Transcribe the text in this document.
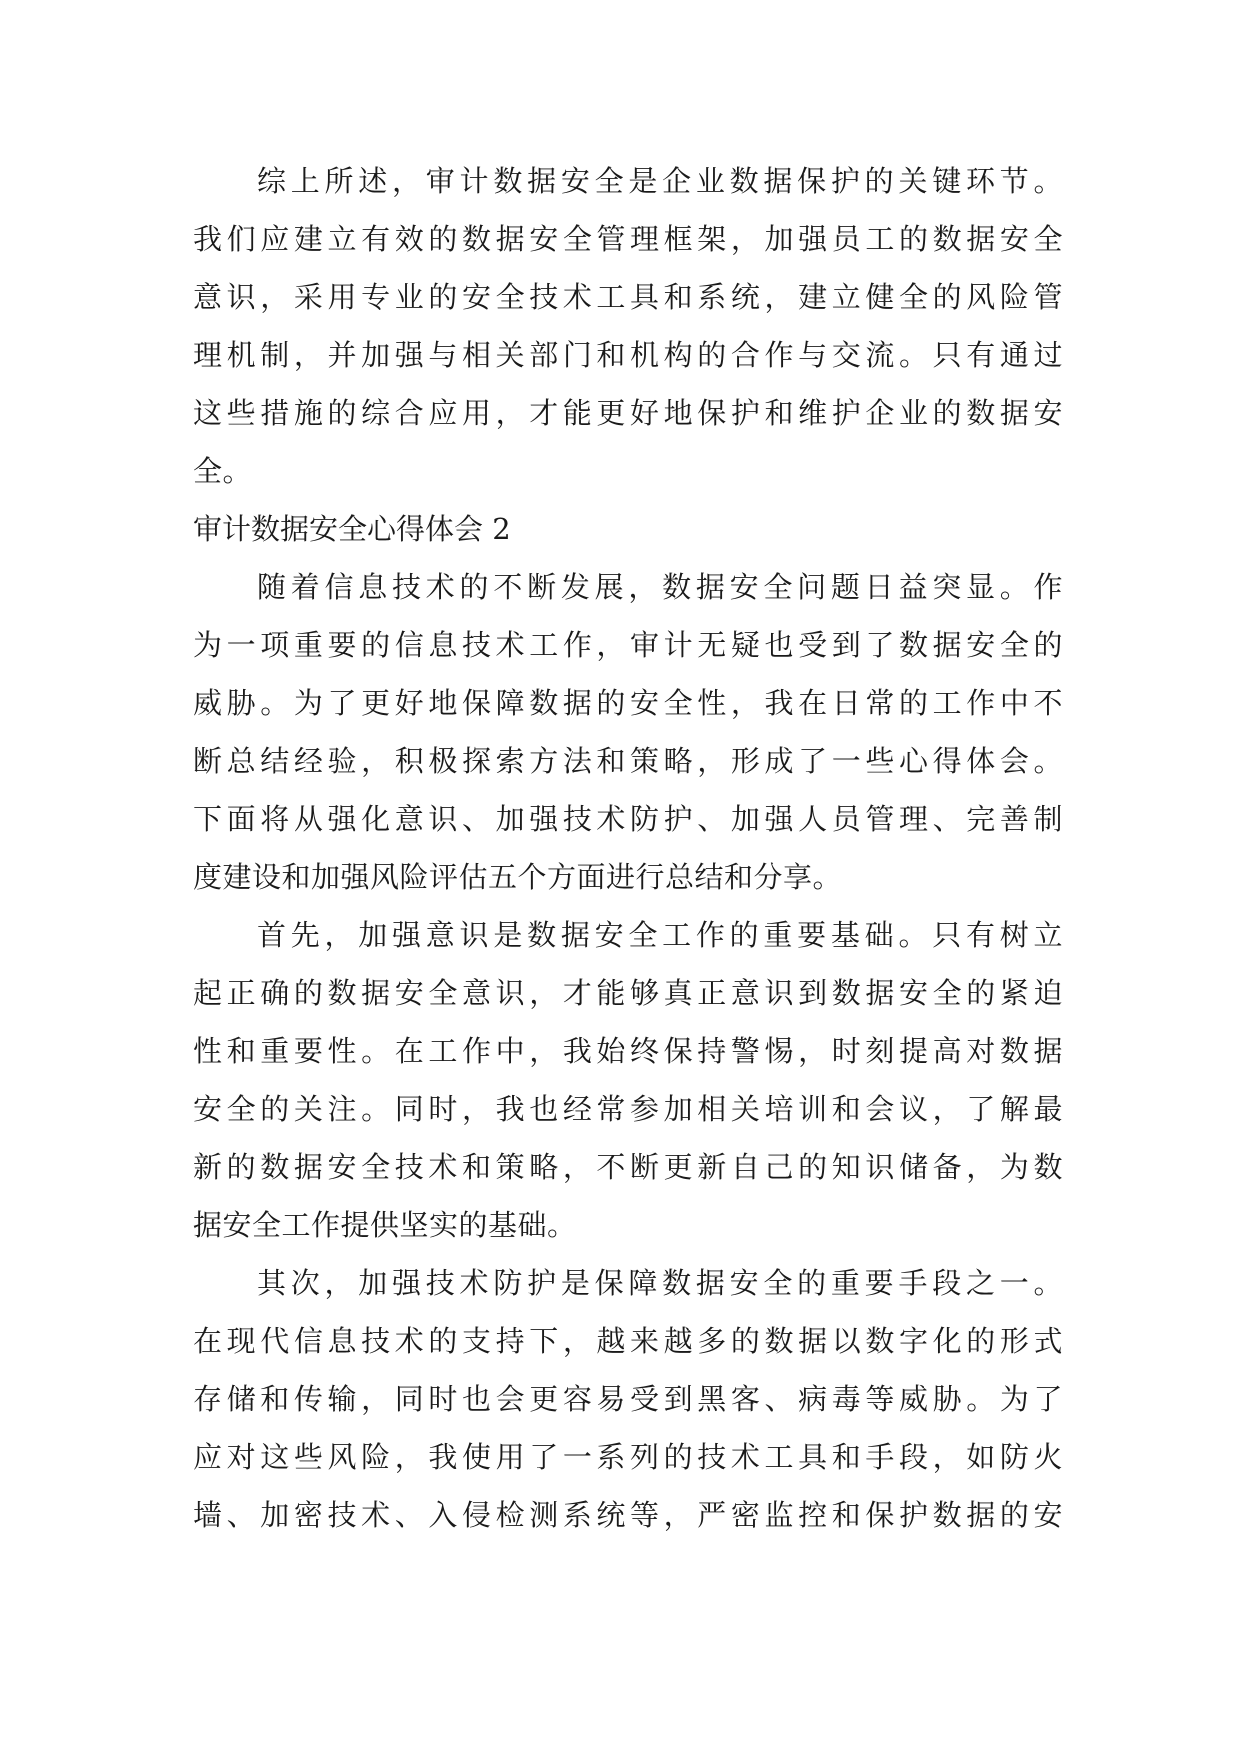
综上所述，审计数据安全是企业数据保护的关键环节。
我们应建立有效的数据安全管理框架，加强员工的数据安全
意识，采用专业的安全技术工具和系统，建立健全的风险管
理机制，并加强与相关部门和机构的合作与交流。只有通过
这些措施的综合应用，才能更好地保护和维护企业的数据安
全。
审计数据安全心得体会 2
随着信息技术的不断发展，数据安全问题日益突显。作
为一项重要的信息技术工作，审计无疑也受到了数据安全的
威胁。为了更好地保障数据的安全性，我在日常的工作中不
断总结经验，积极探索方法和策略，形成了一些心得体会。
下面将从强化意识、加强技术防护、加强人员管理、完善制
度建设和加强风险评估五个方面进行总结和分享。
首先，加强意识是数据安全工作的重要基础。只有树立
起正确的数据安全意识，才能够真正意识到数据安全的紧迫
性和重要性。在工作中，我始终保持警惕，时刻提高对数据
安全的关注。同时，我也经常参加相关培训和会议，了解最
新的数据安全技术和策略，不断更新自己的知识储备，为数
据安全工作提供坚实的基础。
其次，加强技术防护是保障数据安全的重要手段之一。
在现代信息技术的支持下，越来越多的数据以数字化的形式
存储和传输，同时也会更容易受到黑客、病毒等威胁。为了
应对这些风险，我使用了一系列的技术工具和手段，如防火
墙、加密技术、入侵检测系统等，严密监控和保护数据的安
